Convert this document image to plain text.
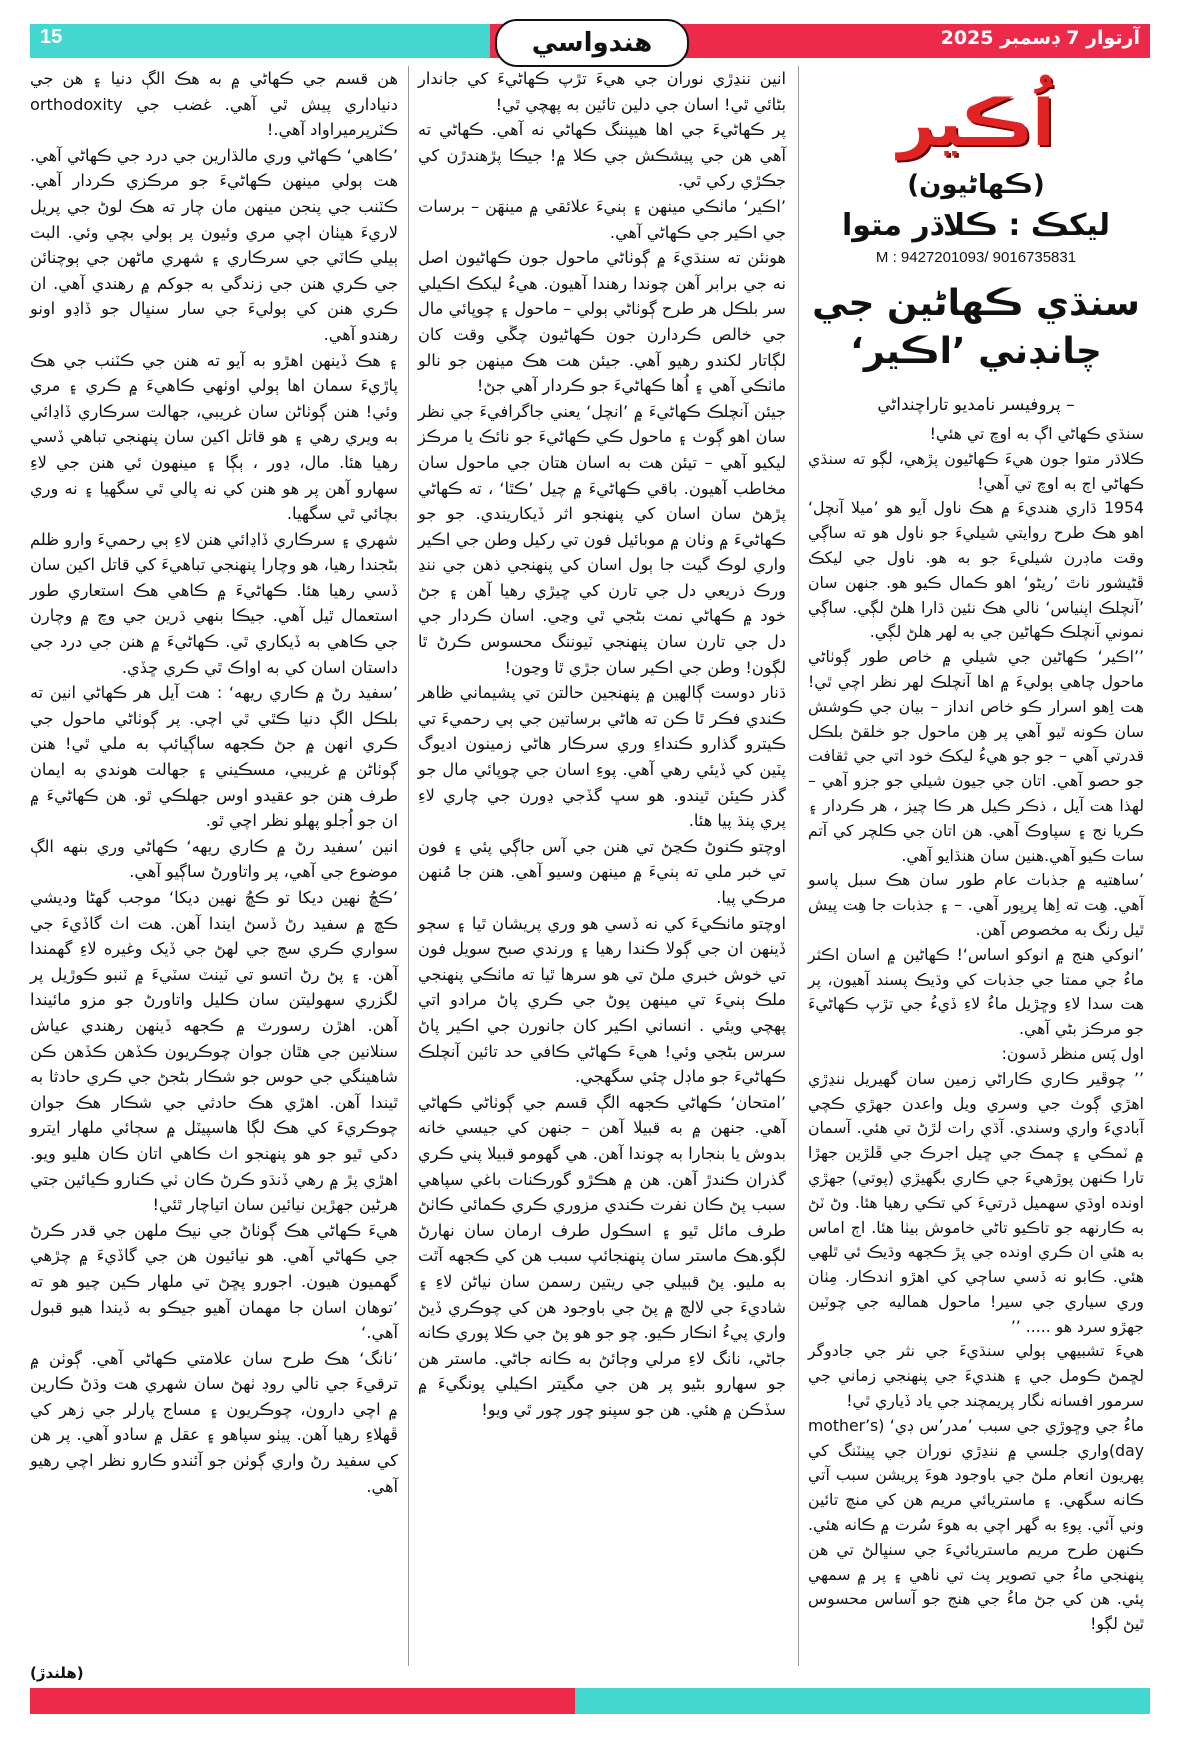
15	آرتوار 7 ڊسمبر 2025
هندواسي
اُڪير
(ڪهاڻيون)
ليکڪ : ڪلاڌر متوا
M : 9427201093/ 9016735831
سنڌي ڪهاڻين جي چانڊني ’اڪير‘
– پروفيسر نامديو تاراچنداڻي

سنڌي ڪهاڻي اڳ به اوچ تي هئي!

ڪلاڌر متوا جون هيءَ ڪهاڻيون پڙهي، لڳو ته سنڌي ڪهاڻي اڄ به اوچ تي آهي!

1954 ڌاري هنديءَ ۾ هڪ ناول آيو هو ’ميلا آنچل‘ اهو هڪ طرح روايتي شيليءَ جو ناول هو ته ساڳي وقت ماڊرن شيليءَ جو به هو. ناول جي ليکڪ ڦڻيشور ناٿ ’ريڻو‘ اهو ڪمال ڪيو هو. جنهن سان ’آنچلڪ اپنياس‘ نالي هڪ نئين ڌارا هلڻ لڳي. ساڳي نموني آنچلڪ ڪهاڻين جي به لهر هلڻ لڳي.

’’اڪير‘ ڪهاڻين جي شيلي ۾ خاص طور ڳوٺاڻي ماحول چاهي ٻوليءَ ۾ اها آنچلڪ لهر نظر اچي ٿي! هت اِهو اسرار ڪو خاص انداز – بيان جي ڪوشش سان ڪونه ٿيو آهي پر هِن ماحول جو خلقڻ بلڪل قدرتي آهي – جو جو هيءُ ليکڪ خود اتي جي ثقافت جو حصو آهي. اتان جي جيون شيلي جو جزو آهي – لهذا هت آيل ، ذڪر ڪيل هر ڪا چيز ، هر ڪردار ۽ ڪريا نج ۽ سپاوڪ آهي. هن اتان جي ڪلچر کي آتم سات ڪيو آهي.هنين سان هنڌايو آهي.

’ساهتيه ۾ جذبات عام طور سان هڪ سبل پاسو آهي. هِت ته اِها پرپور آهي. – ۽ جذبات جا هِت پيش ٿيل رنگ به مخصوص آهن.

’انوکي هنج ۾ انوکو اساس‘! ڪهاڻين ۾ اسان اڪثر ماءُ جي ممتا جي جذبات کي وڌيڪ پسند آهيون، پر هت سدا لاءِ وڇڙيل ماءُ لاءِ ڏيءُ جي تڙپ ڪهاڻيءَ جو مرڪز بڻي آهي.

اول پَس منظر ڏسون:

’’ چوڦير ڪاري ڪاراڻي زمين سان گهيريل ننڍڙي اهڙي ڳوٺ جي وسري ويل واعدن جهڙي ڪچي آباديءَ واري وسندي. آڌي رات لڙڻ تي هئي. آسمان ۾ ٽمڪي ۽ چمڪ جي ڇيل اجرڪ جي ڦلڙين جهڙا تارا ڪنهن پوڙهيءَ جي ڪاري بگهيڙي (پوتي) جهڙي اونده اوڌي سهميل ڌرتيءَ کي تڪي رهيا هئا. وڻ ٽڻ به ڪارنهه جو تاڪيو تاڻي خاموش بيٺا هئا. اڄ اماس به هئي ان ڪري اونده جي پڙ ڪجهه وڌيڪ ئي ٿلهي هئي. ڪابو نه ڏسي ساڄي کي اهڙو اندڪار. مِٺان وري سياري جي سير! ماحول هماليه جي چوٽين جهڙو سرد هو ..... ’’

هيءَ تشبيهي ٻولي سنڌيءَ جي نثر جي جادوگر لڇمڻ ڪومل جي ۽ هنديءَ جي پنهنجي زماني جي سرمور افسانه نگار پريمچند جي ياد ڏياري ٿي!

ماءُ جي وڇوڙي جي سبب ’مدر’س ڊي‘ (mother’s day)واري جلسي ۾ ننڍڙي نوران جي پينٽنگ کي پهريون انعام ملڻ جي باوجود هوءَ پريشن سبب آتي ڪانه سگهي. ۽ ماستريائي مريم هن کي منچ تائين وني آئي. پوءِ به گهر اچي به هوءَ سُرت ۾ ڪانه هئي. ڪنهن طرح مريم ماستريائيءَ جي سنڀالڻ تي هن پنهنجي ماءُ جي تصوير پٺ تي ناهي ۽ پر ۾ سمهي پئي. هن کي جڻ ماءُ جي هنج جو آساس محسوس ٿيڻ لڳو!

انين ننڍڙي نوران جي هيءَ تڙپ ڪهاڻيءَ کي جاندار بڻائي ٿي! اسان جي دلين تائين به پهچي ٿي!

پر ڪهاڻيءَ جي اها هيپننگ ڪهاڻي نه آهي. ڪهاڻي ته آهي هن جي پيشڪش جي ڪلا ۾! جيڪا پڙهندڙن کي جڪڙي رکي ٿي.

’اڪير‘ ماٺڪي مينهن ۽ ٻنيءَ علائقي ۾ مينهَن – برسات جي اڪير جي ڪهاڻي آهي.

هونئن ته سنڌيءَ ۾ ڳوٺاڻي ماحول جون ڪهاڻيون اصل نه جي برابر آهن چوندا رهندا آهيون. هيءُ ليکڪ اڪيلي سر بلڪل هر طرح ڳوٺاڻي ٻولي – ماحول ۽ چوپائي مال جي خالص ڪردارن جون ڪهاڻيون چڱي وقت کان لڳاتار لکندو رهيو آهي. جيئن هت هڪ مينهن جو نالو ماٺڪي آهي ۽ اُها ڪهاڻيءَ جو ڪردار آهي جڻ!

جيئن آنچلڪ ڪهاڻيءَ ۾ ’انچل‘ يعني جاگرافيءَ جي نظر سان اهو ڳوٺ ۽ ماحول ڪي ڪهاڻيءَ جو نائڪ يا مرڪز ليکيو آهي – تيئن هت به اسان هتان جي ماحول سان مخاطب آهيون. باقي ڪهاڻيءَ ۾ چيل ’ڪٿا‘ ، ته ڪهاڻي پڙهڻ سان اسان کي پنهنجو اثر ڏيکاريندي. جو جو ڪهاڻيءَ ۾ وٺان ۾ موبائيل فون تي رکيل وطن جي اڪير واري لوڪ گيت جا ٻول اسان کي پنهنجي ذهن جي ننڍ ورڪ ذريعي دل جي تارن کي ڇيڙي رهيا آهن ۽ جڻ خود ۾ ڪهاڻي نمت بڻجي ٿي وڃي. اسان ڪردار جي دل جي تارن سان پنهنجي ٽيوننگ محسوس ڪرڻ ٿا لڳون! وطن جي اڪير سان جڙي ٿا وڃون!

ڌنار دوست ڳالهين ۾ پنهنجين حالتن تي پشيماني ظاهر ڪندي فڪر ٿا ڪن ته هاڻي برساتين جي ٻي رحميءَ تي ڪيترو گذارو ڪنداءِ وري سرڪار هاڻي زمينون اديوگ پٽين کي ڏيئي رهي آهي. پوءِ اسان جي چوپائي مال جو گذر ڪيئن ٿيندو. هو سڀ گڏجي ڍورن جي چاري لاءِ پري پنڌ پيا هئا.

اوچتو ڪنوڻ ڪڃڻ تي هنن جي آس جاڳي پئي ۽ فون تي خبر ملي ته ٻنيءَ ۾ مينهن وسيو آهي. هنن جا مُنهن مرڪي پيا.

اوچتو ماٺڪيءَ کي نه ڏسي هو وري پريشان ٿيا ۽ سڄو ڏينهن ان جي ڳولا ڪندا رهيا ۽ ورندي صبح سويل فون تي خوش خبري ملڻ تي هو سرها ٿيا ته ماٺڪي پنهنجي ملڪ ٻنيءَ تي مينهن پوڻ جي ڪري پاڻ مرادو اتي پهچي ويئي . انساني اڪير کان جانورن جي اڪير پاڻ سرس بڻجي وئي! هيءَ ڪهاڻي ڪافي حد تائين آنچلڪ ڪهاڻيءَ جو ماڊل چئي سگهجي.

’امتحان‘ ڪهاڻي ڪجهه الڳ قسم جي ڳوٺاڻي ڪهاڻي آهي. جنهن ۾ به قبيلا آهن – جنهن کي جيسي خانه بدوش يا بنجارا به چوندا آهن. هي گهومو قبيلا پني ڪري گذران ڪندڙ آهن. هن ۾ هڪڙو گورڪنات باغي سپاهي سبب پڻ ڪان نفرت ڪندي مزوري ڪري ڪمائي ڪاٺڻ طرف مائل ٿيو ۽ اسڪول طرف ارمان سان نهارڻ لڳو.هڪ ماستر سان پنهنجائپ سبب هن کي ڪجهه آٿت به مليو. پڻ قبيلي جي ريتين رسمن سان نياڻن لاءِ ۽ شاديءَ جي لالچ ۾ پڻ جي باوجود هن کي چوڪري ڏيڻ واري پيءُ انڪار ڪيو. چو جو هو پڻ جي ڪلا پوري ڪانه جاڻي، نانگ لاءِ مرلي وڄائڻ به ڪانه جاڻي. ماستر هن جو سهارو بڻيو پر هن جي مگيتر اڪيلي پونگيءَ ۾ سڏڪن ۾ هئي. هن جو سپنو چور چور ٿي ويو!

هن قسم جي ڪهاڻي ۾ به هڪ الڳ دنيا ۽ هن جي دنياداري پيش ٿي آهي. غضب جي orthodoxity ڪٽرپرميراواد آهي.!

’ڪاهي‘ ڪهاڻي وري مالڌارين جي درد جي ڪهاڻي آهي. هت ٻولي مينهن ڪهاڻيءَ جو مرڪزي ڪردار آهي. ڪٽنب جي پنجن مينهن مان چار ته هڪ لوڻ جي پريل لاريءَ هيٺان اچي مري وئيون پر ٻولي بچي وئي. البت ٻيلي ڪاٽي جي سرڪاري ۽ شهري ماڻهن جي ٻوچنائن جي ڪري هنن جي زندگي به جوکم ۾ رهندي آهي. ان ڪري هنن کي ٻوليءَ جي سار سنڀال جو ڏاڍو اونو رهندو آهي.

۽ هڪ ڏينهن اهڙو به آيو ته هنن جي ڪٽنب جي هڪ پاڙيءَ سمان اها ٻولي اوٺهي ڪاهيءَ ۾ ڪري ۽ مري وئي! هنن ڳوٺاڻن سان غريبي، جهالت سرڪاري ڏاڍائي به ويري رهي ۽ هو قاتل اکين سان پنهنجي تباهي ڏسي رهيا هئا. مال، ڍور ، ٻڳا ۽ مينهون ئي هنن جي لاءِ سهارو آهن پر هو هنن کي نه پالي ٿي سگهيا ۽ نه وري بچائي ٿي سگهيا.

شهري ۽ سرڪاري ڏاڍائي هنن لاءِ ٻي رحميءَ وارو ظلم بڻجندا رهيا، هو وچارا پنهنجي تباهيءَ کي قاتل اکين سان ڏسي رهيا هئا. ڪهاڻيءَ ۾ ڪاهي هڪ استعاري طور استعمال ٿيل آهي. جيڪا بنهي ڌرين جي وچ ۾ وچارن جي ڪاهي به ڏيکاري ٿي. ڪهاڻيءَ ۾ هنن جي درد جي داستان اسان کي به اواڪ ٿي ڪري ڇڏي.

’سفيد رڻ ۾ ڪاري ريهه‘ : هت آيل هر ڪهاڻي انين ته بلڪل الڳ دنيا ڪٿي ٿي اچي. پر ڳوٺاڻي ماحول جي ڪري انهن ۾ جڻ ڪجهه ساڳيائپ به ملي ٿي! هنن ڳوٺاڻن ۾ غريبي، مسڪيني ۽ جهالت هوندي به ايمان طرف هنن جو عقيدو اوس جهلڪي ٿو. هن ڪهاڻيءَ ۾ ان جو اُجلو پهلو نظر اچي ٿو.

انين ’سفيد رڻ ۾ ڪاري ريهه‘ ڪهاڻي وري بنهه الڳ موضوع جي آهي، پر واتاورڻ ساڳيو آهي.

’ڪڇُ نهين ديکا تو ڪڇُ نهين ديکا‘ موجب گهڻا وديشي ڪڇ ۾ سفيد رڻ ڏسڻ ايندا آهن. هت اٺ گاڏيءَ جي سواري ڪري سڄ جي لهڻ جي ڏيک وغيره لاءِ گهمندا آهن. ۽ پڻ رڻ اتسو تي ٽينٽ سٽيءَ ۾ ٽنبو ڪوڙيل پر لگزري سهوليتن سان ڪليل واتاورڻ جو مزو مائيندا آهن. اهڙن رسورٽ ۾ ڪجهه ڏينهن رهندي عياش سنلانين جي هٿان جوان چوڪريون ڪڏهن ڪڏهن ڪن شاهينگي جي حوس جو شڪار بڻجڻ جي ڪري حادثا به ٿيندا آهن. اهڙي هڪ حادثي جي شڪار هڪ جوان چوڪريءَ کي هڪ لڳا هاسپيٽل ۾ سڄائي ملهار ايترو دکي ٿيو جو هو پنهنجو اٺ ڪاهي اتان ڪان هليو ويو. اهڙي پڙ ۾ رهي ڏنڌو ڪرڻ ڪان ٺي ڪنارو ڪيائين جتي هرڻين جهڙين نيائين سان اتياچار ٿئي!

هيءَ ڪهاڻي هڪ ڳوٺاڻ جي نيڪ ملهن جي قدر ڪرڻ جي ڪهاڻي آهي. هو نيائيون هن جي گاڏيءَ ۾ چڙهي گهميون هيون. اجورو پڇڻ تي ملهار ڪين چيو هو ته ’توهان اسان جا مهمان آهيو جيڪو به ڏيندا هيو قبول آهي.‘

’نانگ‘ هڪ طرح سان علامتي ڪهاڻي آهي. ڳوٺن ۾ ترقيءَ جي نالي روڊ ٺهڻ سان شهري هت وڌڻ ڪارين ۾ اچي دارون، چوڪريون ۽ مساج پارلر جي زهر کي ڦهلاءِ رهيا آهن. پيٺو سپاهو ۽ عقل ۾ سادو آهي. پر هن کي سفيد رڻ واري ڳوٺن جو آئندو ڪارو نظر اچي رهيو آهي.

(هلندڙ)
